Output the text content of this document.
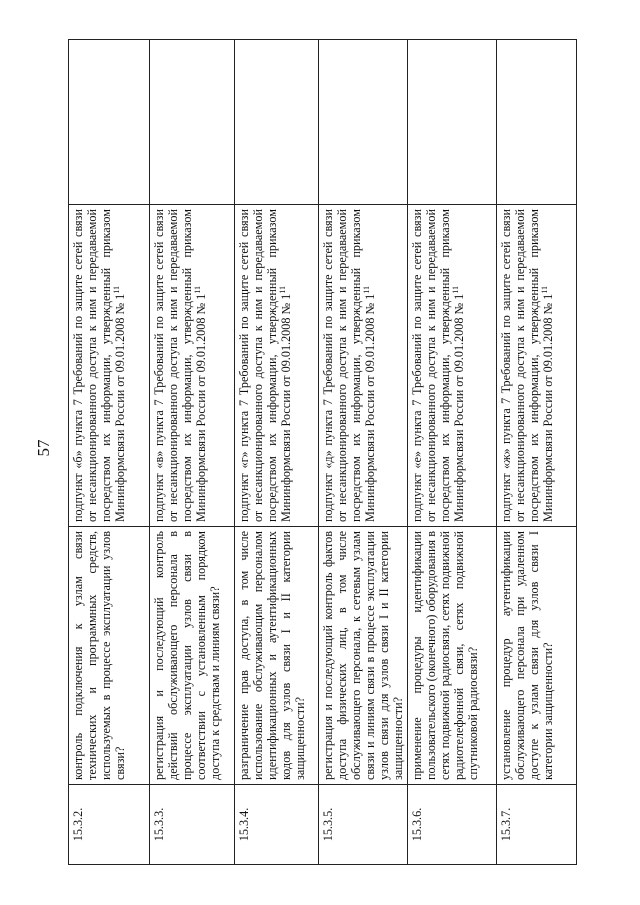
57
15.3.2.	контроль подключения к узлам связи технических и программных средств, используемых в процессе эксплуатации узлов связи?	подпункт «б» пункта 7 Требований по защите сетей связи от несанкционированного доступа к ним и передаваемой посредством их информации, утвержденный приказом Мининформсвязи России от 09.01.2008 № $1^{11}$	
15.3.3.	регистрация и последующий контроль действий обслуживающего персонала в процессе эксплуатации узлов связи в соответствии с установленным порядком доступа к средствам и линиям связи?	подпункт «в» пункта 7 Требований по защите сетей связи от несанкционированного доступа к ним и передаваемой посредством их информации, утвержденный приказом Мининформсвязи России от 09.01.2008 № $1^{11}$	
15.3.4.	разграничение прав доступа, в том числе использование обслуживающим персоналом идентификационных и аутентификационных кодов для узлов связи I и II категории защищенности?	подпункт «г» пункта 7 Требований по защите сетей связи от несанкционированного доступа к ним и передаваемой посредством их информации, утвержденный приказом Мининформсвязи России от 09.01.2008 № $1^{11}$	
15.3.5.	регистрация и последующий контроль фактов доступа физических лиц, в том числе обслуживающего персонала, к сетевым узлам связи и линиям связи в процессе эксплуатации узлов связи для узлов связи I и II категории защищенности?	подпункт «д» пункта 7 Требований по защите сетей связи от несанкционированного доступа к ним и передаваемой посредством их информации, утвержденный приказом Мининформсвязи России от 09.01.2008 № $1^{11}$	
15.3.6.	применение процедуры идентификации пользовательского (оконечного) оборудования в сетях подвижной радиосвязи, сетях подвижной радиотелефонной связи, сетях подвижной спутниковой радиосвязи?	подпункт «е» пункта 7 Требований по защите сетей связи от несанкционированного доступа к ним и передаваемой посредством их информации, утвержденный приказом Мининформсвязи России от 09.01.2008 № $1^{11}$	
15.3.7.	установление процедур аутентификации обслуживающего персонала при удаленном доступе к узлам связи для узлов связи I категории защищенности?	подпункт «ж» пункта 7 Требований по защите сетей связи от несанкционированного доступа к ним и передаваемой посредством их информации, утвержденный приказом Мининформсвязи России от 09.01.2008 № $1^{11}$	
